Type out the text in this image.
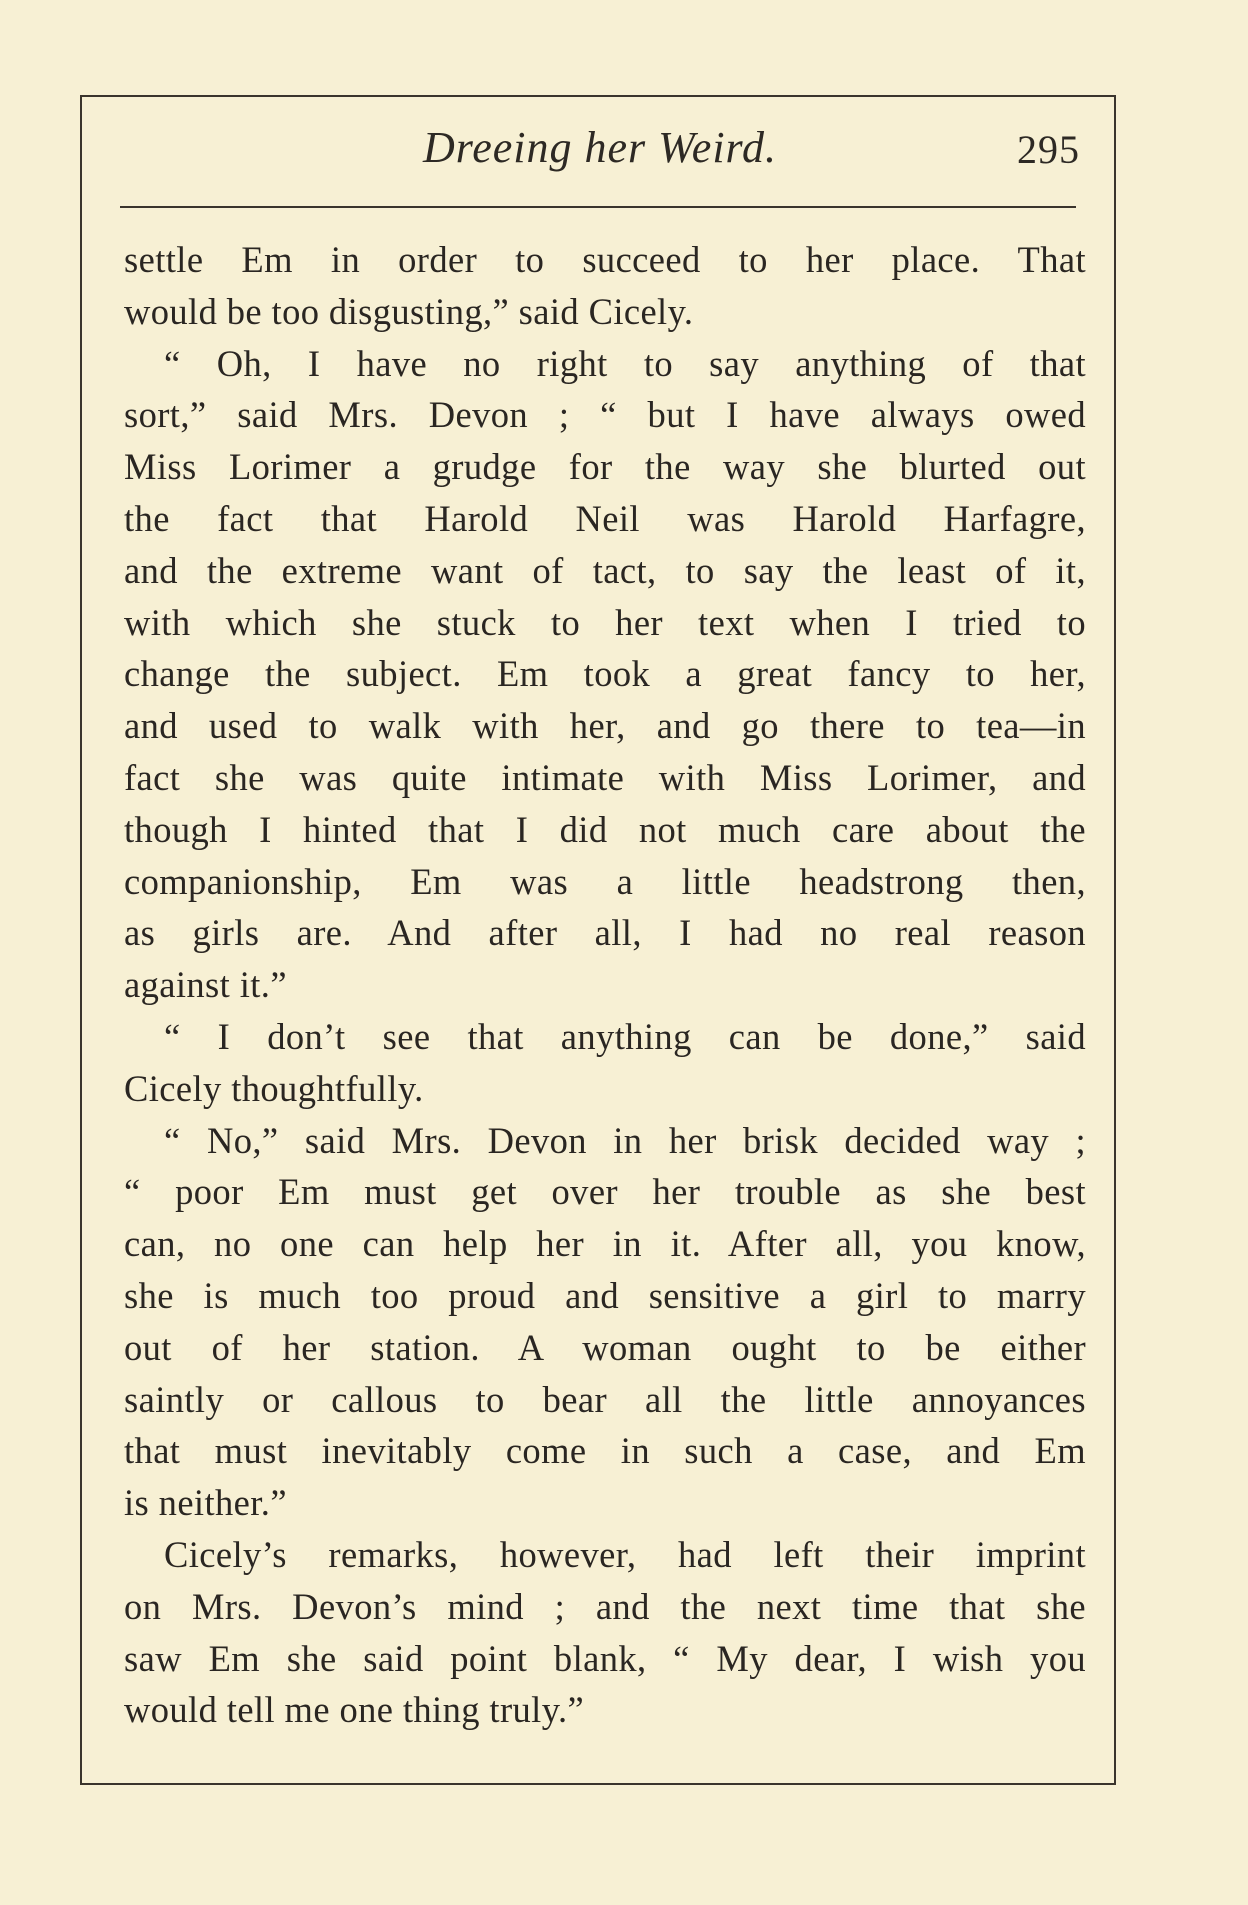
Dreeing her Weird.	295
settle Em in order to succeed to her place. That
would be too disgusting,” said Cicely.
“ Oh, I have no right to say anything of that
sort,” said Mrs. Devon ; “ but I have always owed
Miss Lorimer a grudge for the way she blurted out
the fact that Harold Neil was Harold Harfagre,
and the extreme want of tact, to say the least of it,
with which she stuck to her text when I tried to
change the subject. Em took a great fancy to her,
and used to walk with her, and go there to tea—in
fact she was quite intimate with Miss Lorimer, and
though I hinted that I did not much care about the
companionship, Em was a little headstrong then,
as girls are. And after all, I had no real reason
against it.”
“ I don’t see that anything can be done,” said
Cicely thoughtfully.
“ No,” said Mrs. Devon in her brisk decided way ;
“ poor Em must get over her trouble as she best
can, no one can help her in it. After all, you know,
she is much too proud and sensitive a girl to marry
out of her station. A woman ought to be either
saintly or callous to bear all the little annoyances
that must inevitably come in such a case, and Em
is neither.”
Cicely’s remarks, however, had left their imprint
on Mrs. Devon’s mind ; and the next time that she
saw Em she said point blank, “ My dear, I wish you
would tell me one thing truly.”
